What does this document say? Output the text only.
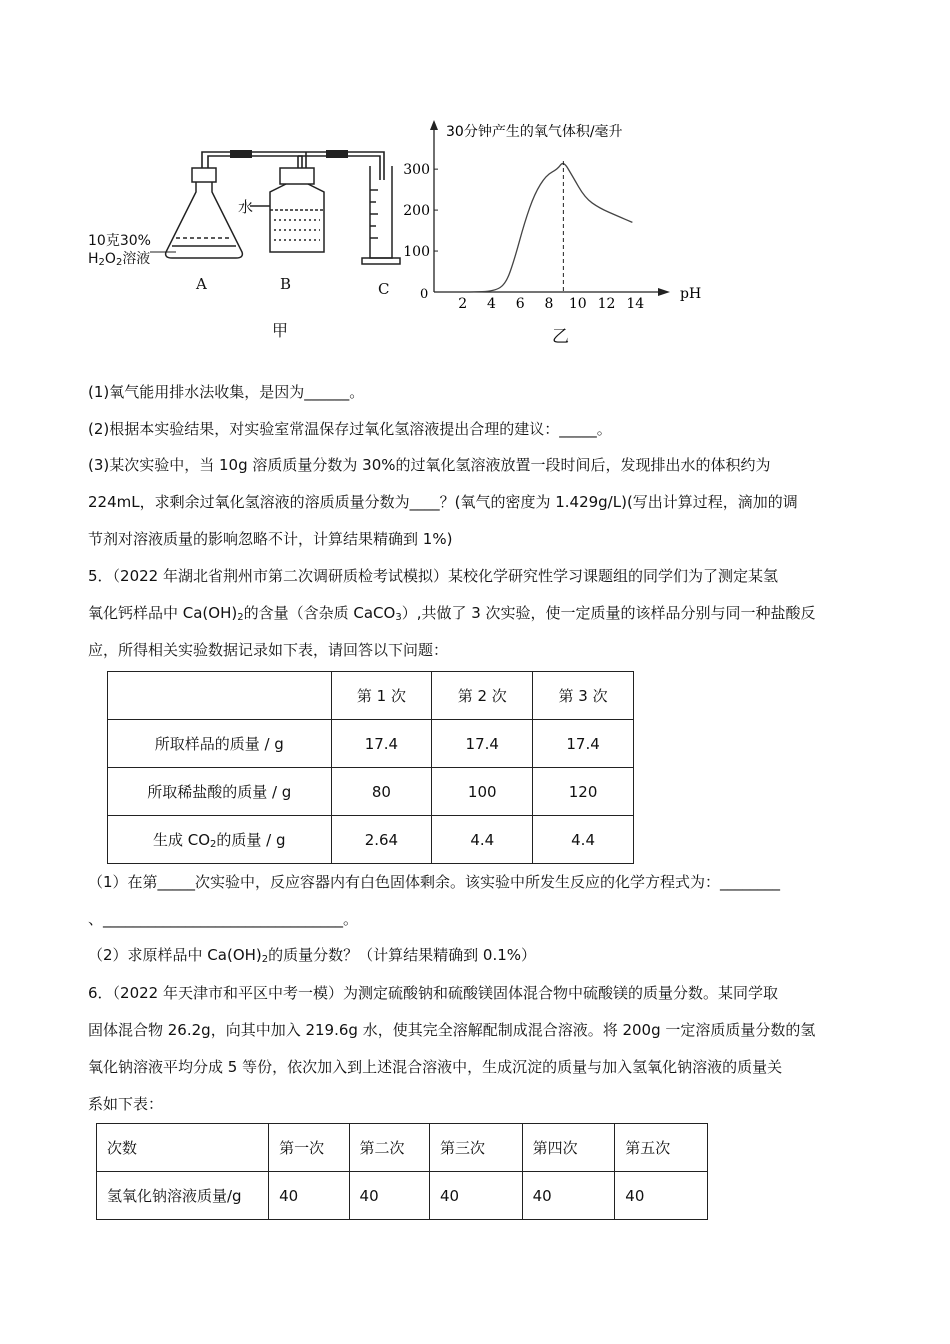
10克30%
$H_2O_2$溶液
水
A	B	C
甲
30分钟产生的氧气体积/毫升
pH
0
2 4 6 8 10 12 14
100
200
300
乙
(1)氧气能用排水法收集，是因为______。
(2)根据本实验结果，对实验室常温保存过氧化氢溶液提出合理的建议：_____。
(3)某次实验中，当 10g 溶质质量分数为 30%的过氧化氢溶液放置一段时间后，发现排出水的体积约为
224mL，求剩余过氧化氢溶液的溶质质量分数为____？(氧气的密度为 1.429g/L)(写出计算过程，滴加的调
节剂对溶液质量的影响忽略不计，计算结果精确到 1%)
5．（2022 年湖北省荆州市第二次调研质检考试模拟）某校化学研究性学习课题组的同学们为了测定某氢
氧化钙样品中 $Ca(OH)_2$的含量（含杂质 CaCO$_3$）,共做了 3 次实验，使一定质量的该样品分别与同一种盐酸反
应，所得相关实验数据记录如下表，请回答以下问题：
	第 1 次	第 2 次	第 3 次
所取样品的质量 / g	17.4	17.4	17.4
所取稀盐酸的质量 / g	80	100	120
生成 $CO_2$的质量 / g	2.64	4.4	4.4
（1）在第_____次实验中，反应容器内有白色固体剩余。该实验中所发生反应的化学方程式为：________
、________________________________。
（2）求原样品中 $Ca(OH)_2$的质量分数？（计算结果精确到 0.1%）
6．（2022 年天津市和平区中考一模）为测定硫酸钠和硫酸镁固体混合物中硫酸镁的质量分数。某同学取
固体混合物 26.2g，向其中加入 219.6g 水，使其完全溶解配制成混合溶液。将 200g 一定溶质质量分数的氢
氧化钠溶液平均分成 5 等份，依次加入到上述混合溶液中，生成沉淀的质量与加入氢氧化钠溶液的质量关
系如下表：
次数	第一次	第二次	第三次	第四次	第五次
氢氧化钠溶液质量/g	40	40	40	40	40
